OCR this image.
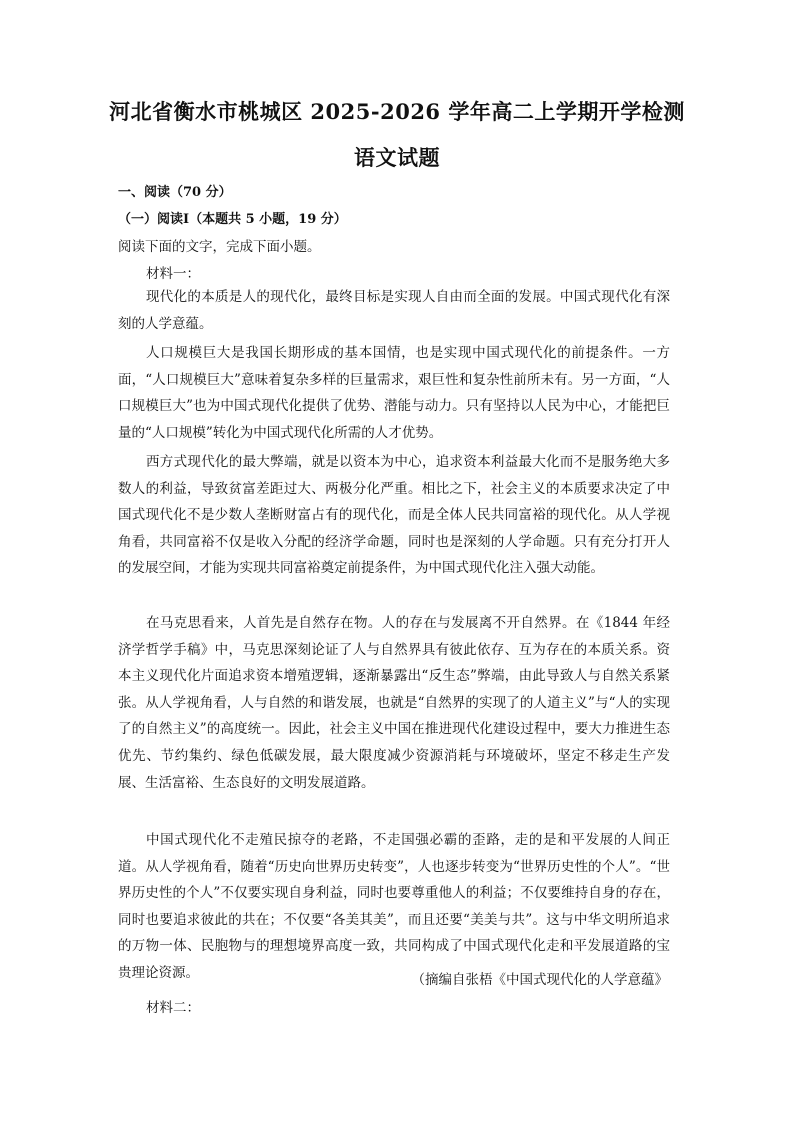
河北省衡水市桃城区 2025-2026 学年高二上学期开学检测
语文试题
一、阅读（70 分）
（一）阅读Ⅰ（本题共 5 小题，19 分）
阅读下面的文字，完成下面小题。
材料一：
现代化的本质是人的现代化，最终目标是实现人自由而全面的发展。中国式现代化有深刻的人学意蕴。
人口规模巨大是我国长期形成的基本国情，也是实现中国式现代化的前提条件。一方面，“人口规模巨大”意味着复杂多样的巨量需求，艰巨性和复杂性前所未有。另一方面，“人口规模巨大”也为中国式现代化提供了优势、潜能与动力。只有坚持以人民为中心，才能把巨量的“人口规模”转化为中国式现代化所需的人才优势。
西方式现代化的最大弊端，就是以资本为中心，追求资本利益最大化而不是服务绝大多数人的利益，导致贫富差距过大、两极分化严重。相比之下，社会主义的本质要求决定了中国式现代化不是少数人垄断财富占有的现代化，而是全体人民共同富裕的现代化。从人学视角看，共同富裕不仅是收入分配的经济学命题，同时也是深刻的人学命题。只有充分打开人的发展空间，才能为实现共同富裕奠定前提条件，为中国式现代化注入强大动能。
在马克思看来，人首先是自然存在物。人的存在与发展离不开自然界。在《1844 年经济学哲学手稿》中，马克思深刻论证了人与自然界具有彼此依存、互为存在的本质关系。资本主义现代化片面追求资本增殖逻辑，逐渐暴露出“反生态”弊端，由此导致人与自然关系紧张。从人学视角看，人与自然的和谐发展，也就是“自然界的实现了的人道主义”与“人的实现了的自然主义”的高度统一。因此，社会主义中国在推进现代化建设过程中，要大力推进生态优先、节约集约、绿色低碳发展，最大限度减少资源消耗与环境破坏，坚定不移走生产发展、生活富裕、生态良好的文明发展道路。
中国式现代化不走殖民掠夺的老路，不走国强必霸的歪路，走的是和平发展的人间正道。从人学视角看，随着“历史向世界历史转变”，人也逐步转变为“世界历史性的个人”。“世界历史性的个人”不仅要实现自身利益，同时也要尊重他人的利益；不仅要维持自身的存在，同时也要追求彼此的共在；不仅要“各美其美”，而且还要“美美与共”。这与中华文明所追求的万物一体、民胞物与的理想境界高度一致，共同构成了中国式现代化走和平发展道路的宝贵理论资源。	（摘编自张梧《中国式现代化的人学意蕴》
材料二：
